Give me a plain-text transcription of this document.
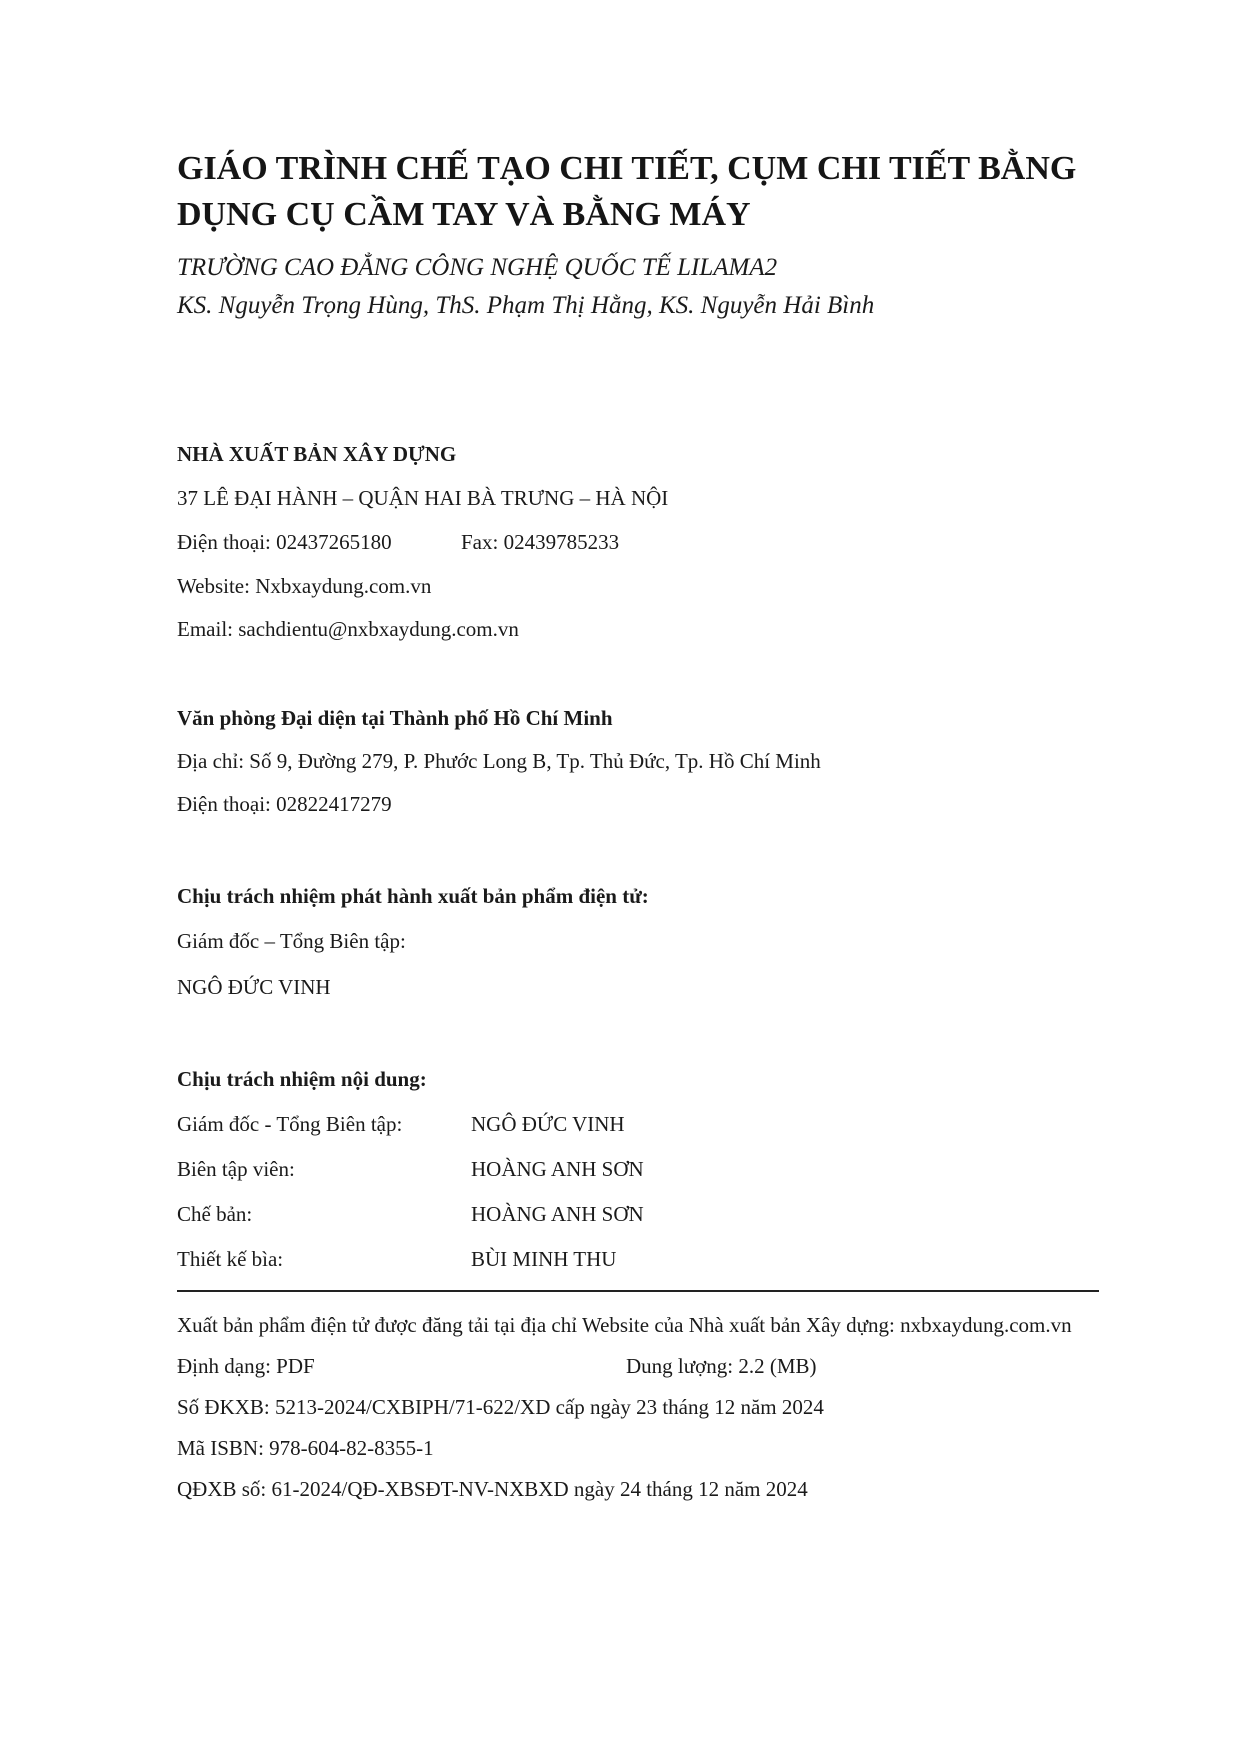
GIÁO TRÌNH CHẾ TẠO CHI TIẾT, CỤM CHI TIẾT BẰNG
DỤNG CỤ CẦM TAY VÀ BẰNG MÁY
TRƯỜNG CAO ĐẲNG CÔNG NGHỆ QUỐC TẾ LILAMA2
KS. Nguyễn Trọng Hùng, ThS. Phạm Thị Hằng, KS. Nguyễn Hải Bình
NHÀ XUẤT BẢN XÂY DỰNG
37 LÊ ĐẠI HÀNH – QUẬN HAI BÀ TRƯNG – HÀ NỘI
Điện thoại: 02437265180	Fax: 02439785233
Website: Nxbxaydung.com.vn
Email: sachdientu@nxbxaydung.com.vn
Văn phòng Đại diện tại Thành phố Hồ Chí Minh
Địa chỉ: Số 9, Đường 279, P. Phước Long B, Tp. Thủ Đức, Tp. Hồ Chí Minh
Điện thoại: 02822417279
Chịu trách nhiệm phát hành xuất bản phẩm điện tử:
Giám đốc – Tổng Biên tập:
NGÔ ĐỨC VINH
Chịu trách nhiệm nội dung:
Giám đốc - Tổng Biên tập:	NGÔ ĐỨC VINH
Biên tập viên:	HOÀNG ANH SƠN
Chế bản:	HOÀNG ANH SƠN
Thiết kế bìa:	BÙI MINH THU
Xuất bản phẩm điện tử được đăng tải tại địa chỉ Website của Nhà xuất bản Xây dựng: nxbxaydung.com.vn
Định dạng: PDF	Dung lượng: 2.2 (MB)
Số ĐKXB: 5213-2024/CXBIPH/71-622/XD cấp ngày 23 tháng 12 năm 2024
Mã ISBN: 978-604-82-8355-1
QĐXB số: 61-2024/QĐ-XBSĐT-NV-NXBXD ngày 24 tháng 12 năm 2024
